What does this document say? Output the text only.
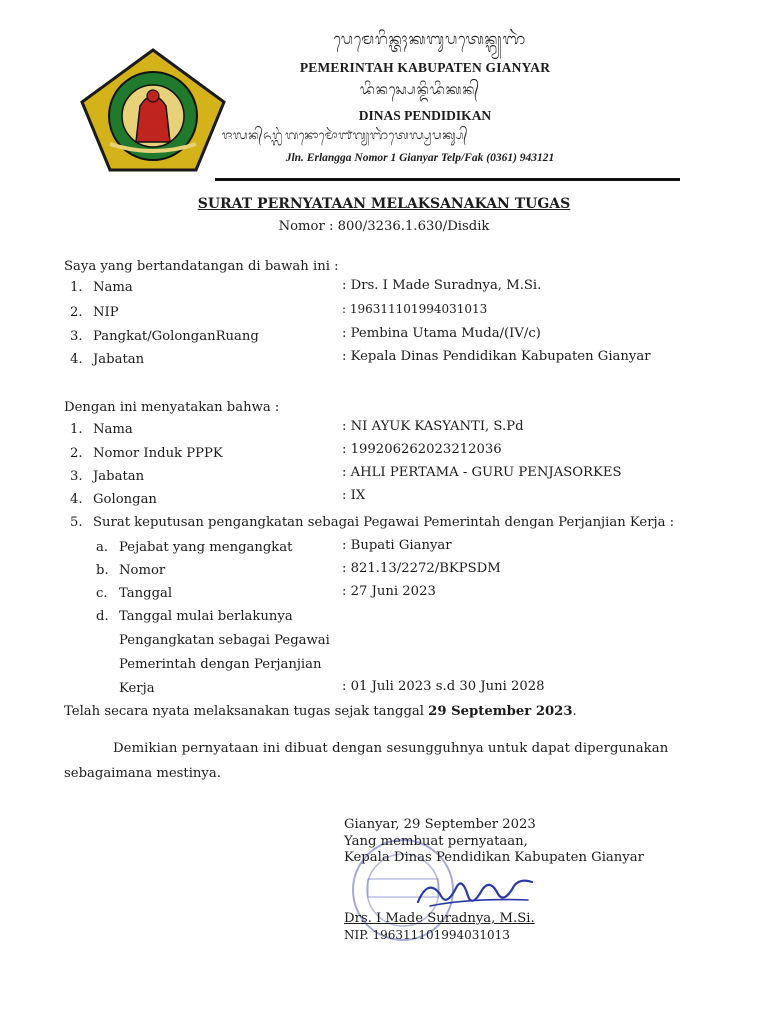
ᬧᬾᬫᬾᬭᬶᬦ᭄ᬢᬄᬓᬩᬸᬧᬢᬾᬦ᭄ᬕ᭄ᬬᬜᬃ
PEMERINTAH KABUPATEN GIANYAR
ᬤᬶᬦᬲ᭄ᬧᬾᬦ᭄ᬤᬶᬤᬶᬓᬦ᭄
DINAS PENDIDIKAN
ᬚᬮᬦ᭄ᬏᬭ᭄ᬮᬂᬕᬦᭀᬫᭀᬃ᭑ᬕ᭄ᬬᬜᬃᬢᬾᬮ᭄ᬧ᭄ᬯᬧᬓ᭄ᬲ᭄
Jln. Erlangga Nomor 1 Gianyar Telp/Fak (0361) 943121
SURAT PERNYATAAN MELAKSANAKAN TUGAS
Nomor : 800/3236.1.630/Disdik
Saya yang bertandatangan di bawah ini :
1. Nama	: Drs. I Made Suradnya, M.Si.
2. NIP	: 196311101994031013
3. Pangkat/GolonganRuang	: Pembina Utama Muda/(IV/c)
4. Jabatan	: Kepala Dinas Pendidikan Kabupaten Gianyar
Dengan ini menyatakan bahwa :
1. Nama	: NI AYUK KASYANTI, S.Pd
2. Nomor Induk PPPK	: 199206262023212036
3. Jabatan	: AHLI PERTAMA - GURU PENJASORKES
4. Golongan	: IX
5. Surat keputusan pengangkatan sebagai Pegawai Pemerintah dengan Perjanjian Kerja :
a. Pejabat yang mengangkat	: Bupati Gianyar
b. Nomor	: 821.13/2272/BKPSDM
c. Tanggal	: 27 Juni 2023
d. Tanggal mulai berlakunya
Pengangkatan sebagai Pegawai
Pemerintah dengan Perjanjian
Kerja	: 01 Juli 2023 s.d 30 Juni 2028
Telah secara nyata melaksanakan tugas sejak tanggal 29 September 2023.
Demikian pernyataan ini dibuat dengan sesungguhnya untuk dapat dipergunakan
sebagaimana mestinya.
Gianyar, 29 September 2023
Yang membuat pernyataan,
Kepala Dinas Pendidikan Kabupaten Gianyar
Drs. I Made Suradnya, M.Si.
NIP. 196311101994031013
